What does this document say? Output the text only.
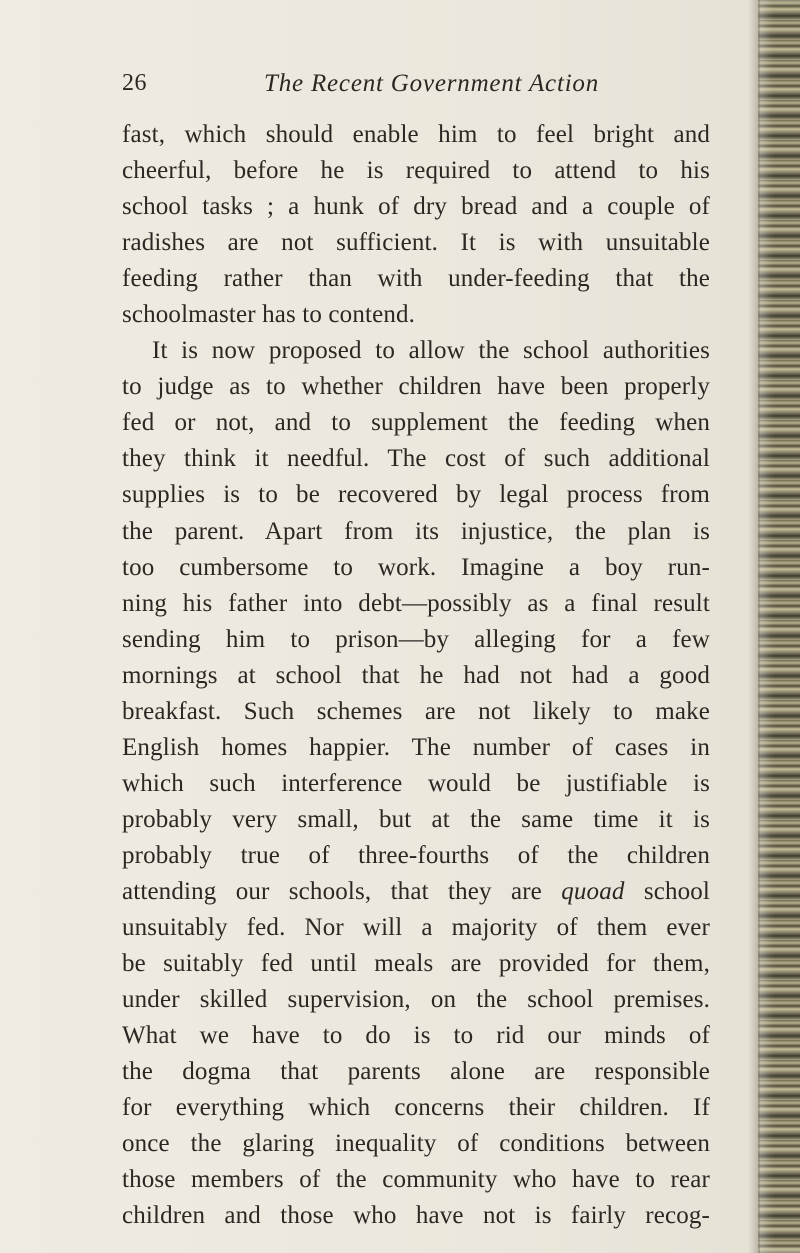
26	The Recent Government Action
fast, which should enable him to feel bright and
cheerful, before he is required to attend to his
school tasks ; a hunk of dry bread and a couple of
radishes are not sufficient. It is with unsuitable
feeding rather than with under-feeding that the
schoolmaster has to contend.
It is now proposed to allow the school authorities
to judge as to whether children have been properly
fed or not, and to supplement the feeding when
they think it needful. The cost of such additional
supplies is to be recovered by legal process from
the parent. Apart from its injustice, the plan is
too cumbersome to work. Imagine a boy run-
ning his father into debt—possibly as a final result
sending him to prison—by alleging for a few
mornings at school that he had not had a good
breakfast. Such schemes are not likely to make
English homes happier. The number of cases in
which such interference would be justifiable is
probably very small, but at the same time it is
probably true of three-fourths of the children
attending our schools, that they are quoad school
unsuitably fed. Nor will a majority of them ever
be suitably fed until meals are provided for them,
under skilled supervision, on the school premises.
What we have to do is to rid our minds of
the dogma that parents alone are responsible
for everything which concerns their children. If
once the glaring inequality of conditions between
those members of the community who have to rear
children and those who have not is fairly recog-
